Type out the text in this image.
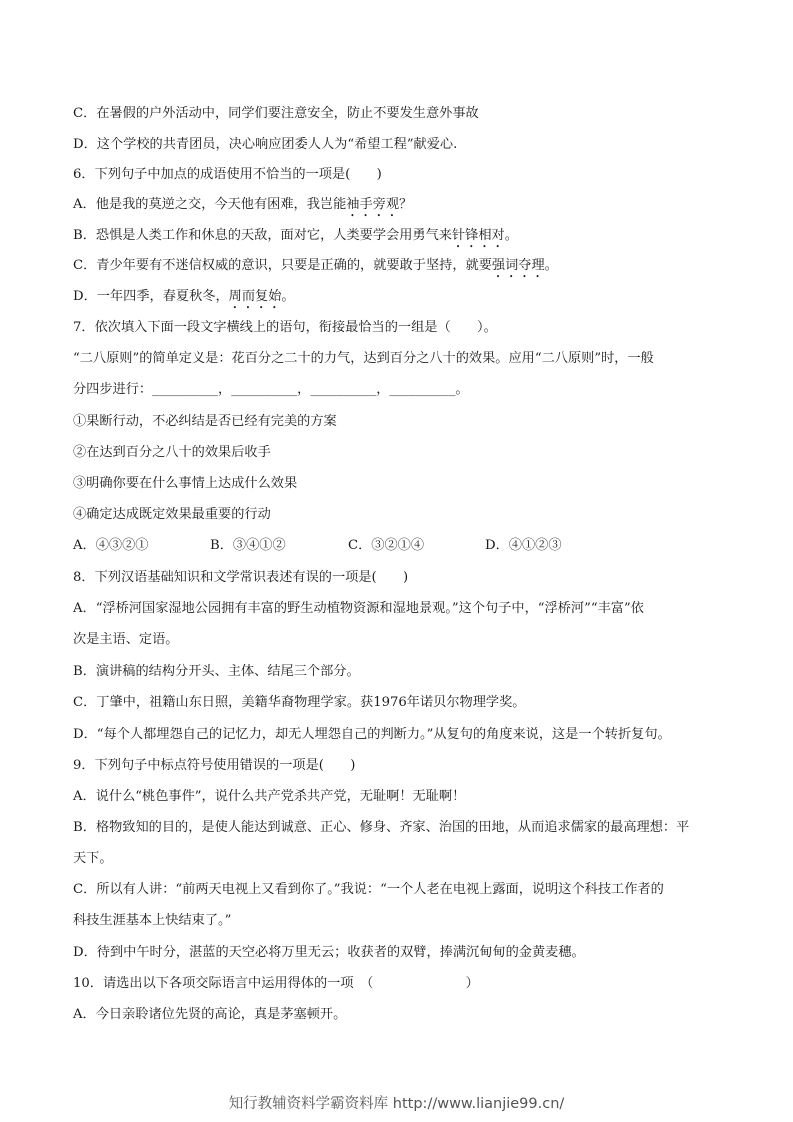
C．在暑假的户外活动中，同学们要注意安全，防止不要发生意外事故
D．这个学校的共青团员，决心响应团委人人为“希望工程”献爱心.
6．下列句子中加点的成语使用不恰当的一项是(　　)
A．他是我的莫逆之交，今天他有困难，我岂能袖手旁观？
B．恐惧是人类工作和休息的天敌，面对它，人类要学会用勇气来针锋相对。
C．青少年要有不迷信权威的意识，只要是正确的，就要敢于坚持，就要强词夺理。
D．一年四季，春夏秋冬，周而复始。
7．依次填入下面一段文字横线上的语句，衔接最恰当的一组是（　　）。
“二八原则”的简单定义是：花百分之二十的力气，达到百分之八十的效果。应用“二八原则”时，一般
分四步进行：__________，__________，__________，__________。
①果断行动，不必纠结是否已经有完美的方案
②在达到百分之八十的效果后收手
③明确你要在什么事情上达成什么效果
④确定达成既定效果最重要的行动
A．④③②①	B．③④①②	C．③②①④	D．④①②③
8．下列汉语基础知识和文学常识表述有误的一项是(　　)
A．“浮桥河国家湿地公园拥有丰富的野生动植物资源和湿地景观。”这个句子中，“浮桥河”“丰富”依
次是主语、定语。
B．演讲稿的结构分开头、主体、结尾三个部分。
C．丁肇中，祖籍山东日照，美籍华裔物理学家。获1976年诺贝尔物理学奖。
D．“每个人都埋怨自己的记忆力，却无人埋怨自己的判断力。”从复句的角度来说，这是一个转折复句。
9．下列句子中标点符号使用错误的一项是(　　)
A．说什么“桃色事件”，说什么共产党杀共产党，无耻啊！无耻啊！
B．格物致知的目的，是使人能达到诚意、正心、修身、齐家、治国的田地，从而追求儒家的最高理想：平
天下。
C．所以有人讲：“前两天电视上又看到你了。”我说：“一个人老在电视上露面，说明这个科技工作者的
科技生涯基本上快结束了。”
D．待到中午时分，湛蓝的天空必将万里无云；收获者的双臂，捧满沉甸甸的金黄麦穗。
10．请选出以下各项交际语言中运用得体的一项　（　　　　　　　）
A．今日亲聆诸位先贤的高论，真是茅塞顿开。
知行教辅资料学霸资料库 http://www.lianjie99.cn/
